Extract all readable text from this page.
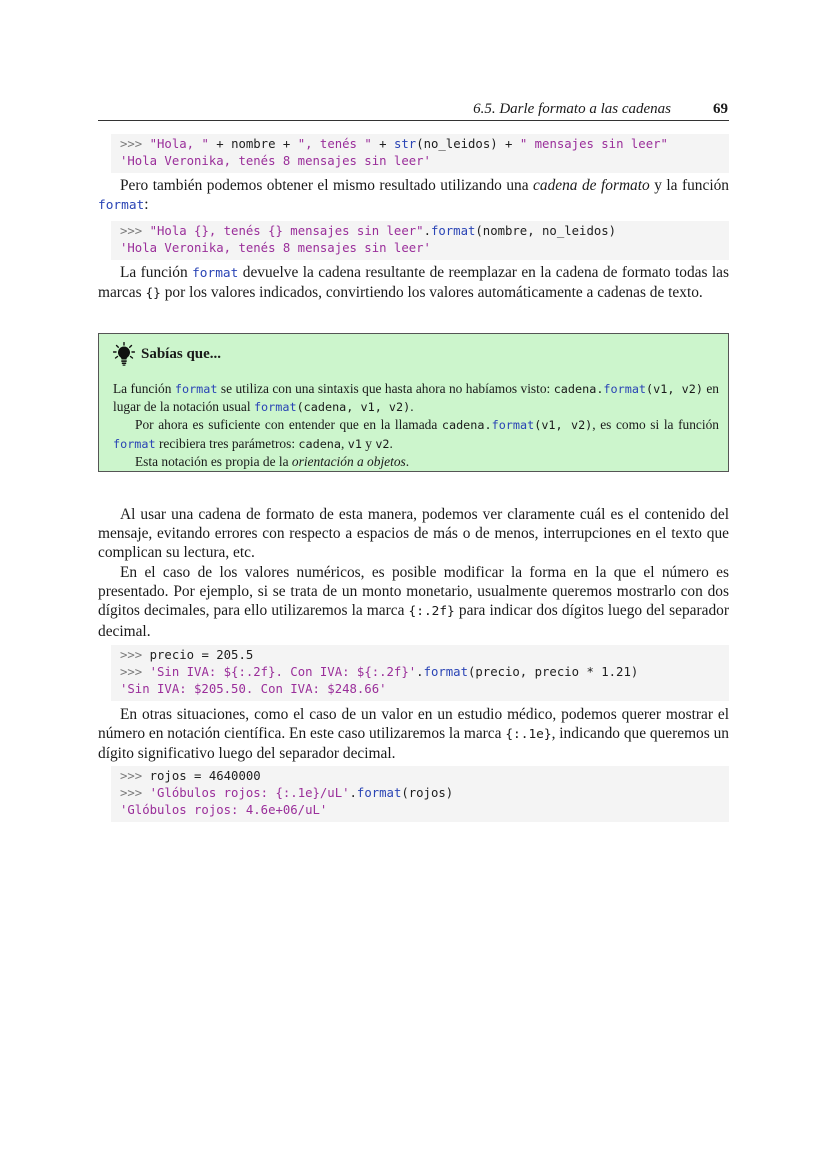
6.5. Darle formato a las cadenas	69
>>> "Hola, " + nombre + ", tenés " + str(no_leidos) + " mensajes sin leer"
'Hola Veronika, tenés 8 mensajes sin leer'
Pero también podemos obtener el mismo resultado utilizando una cadena de formato y la función format:
>>> "Hola {}, tenés {} mensajes sin leer".format(nombre, no_leidos)
'Hola Veronika, tenés 8 mensajes sin leer'
La función format devuelve la cadena resultante de reemplazar en la cadena de formato todas las marcas {} por los valores indicados, convirtiendo los valores automáticamente a cadenas de texto.
Sabías que...
La función format se utiliza con una sintaxis que hasta ahora no habíamos visto: cadena.format(v1, v2) en lugar de la notación usual format(cadena, v1, v2).
Por ahora es suficiente con entender que en la llamada cadena.format(v1, v2), es como si la función format recibiera tres parámetros: cadena, v1 y v2.
Esta notación es propia de la orientación a objetos.
Al usar una cadena de formato de esta manera, podemos ver claramente cuál es el contenido del mensaje, evitando errores con respecto a espacios de más o de menos, interrupciones en el texto que complican su lectura, etc.
En el caso de los valores numéricos, es posible modificar la forma en la que el número es presentado. Por ejemplo, si se trata de un monto monetario, usualmente queremos mostrarlo con dos dígitos decimales, para ello utilizaremos la marca {:.2f} para indicar dos dígitos luego del separador decimal.
>>> precio = 205.5
>>> 'Sin IVA: ${:.2f}. Con IVA: ${:.2f}'.format(precio, precio * 1.21)
'Sin IVA: $205.50. Con IVA: $248.66'
En otras situaciones, como el caso de un valor en un estudio médico, podemos querer mostrar el número en notación científica. En este caso utilizaremos la marca {:.1e}, indicando que queremos un dígito significativo luego del separador decimal.
>>> rojos = 4640000
>>> 'Glóbulos rojos: {:.1e}/uL'.format(rojos)
'Glóbulos rojos: 4.6e+06/uL'
